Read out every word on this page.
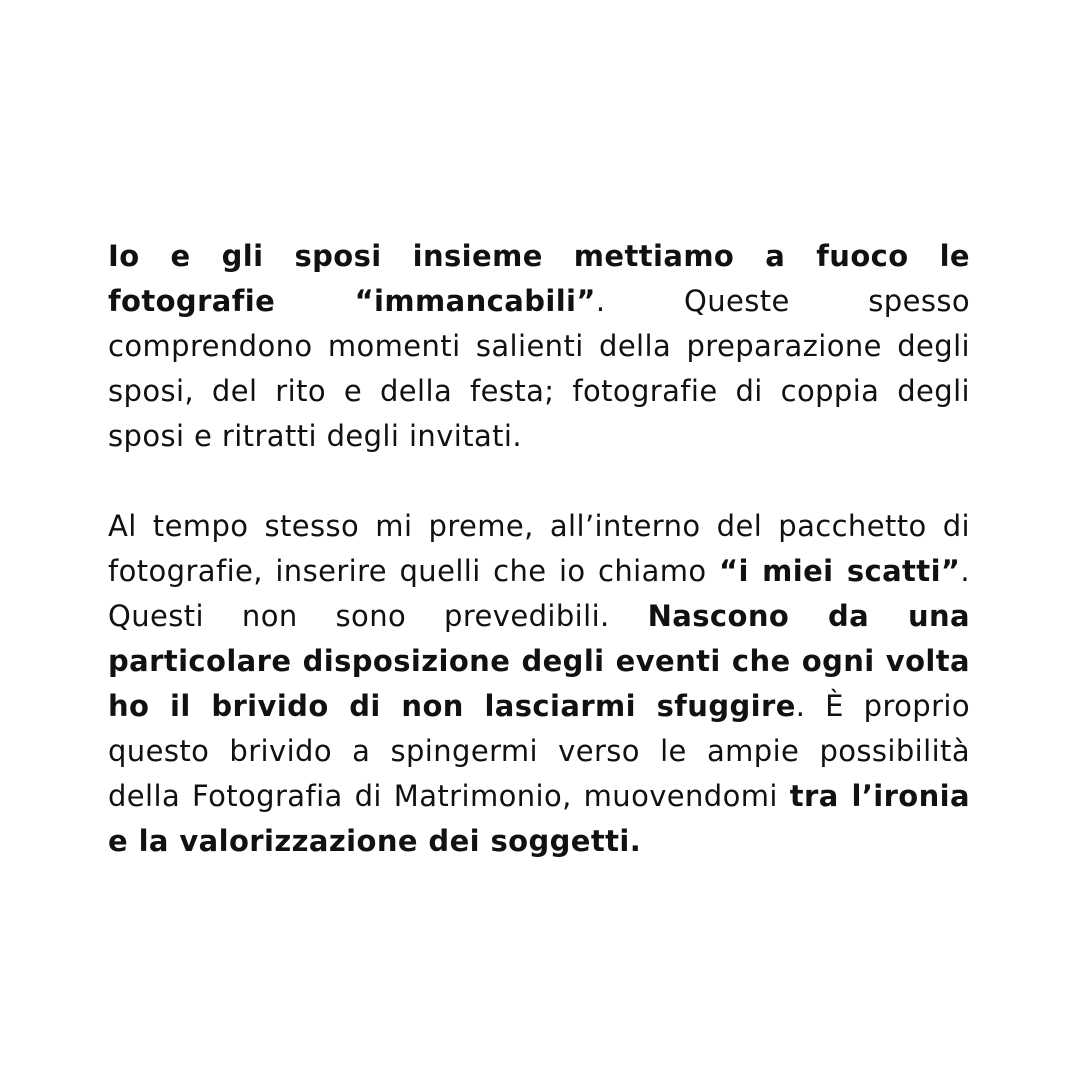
Io e gli sposi insieme mettiamo a fuoco le fotografie “immancabili”. Queste spesso comprendono momenti salienti della preparazione degli sposi, del rito e della festa; fotografie di coppia degli sposi e ritratti degli invitati.

Al tempo stesso mi preme, all’interno del pacchetto di fotografie, inserire quelli che io chiamo “i miei scatti”. Questi non sono prevedibili. Nascono da una particolare disposizione degli eventi che ogni volta ho il brivido di non lasciarmi sfuggire. È proprio questo brivido a spingermi verso le ampie possibilità della Fotografia di Matrimonio, muovendomi tra l’ironia e la valorizzazione dei soggetti.
